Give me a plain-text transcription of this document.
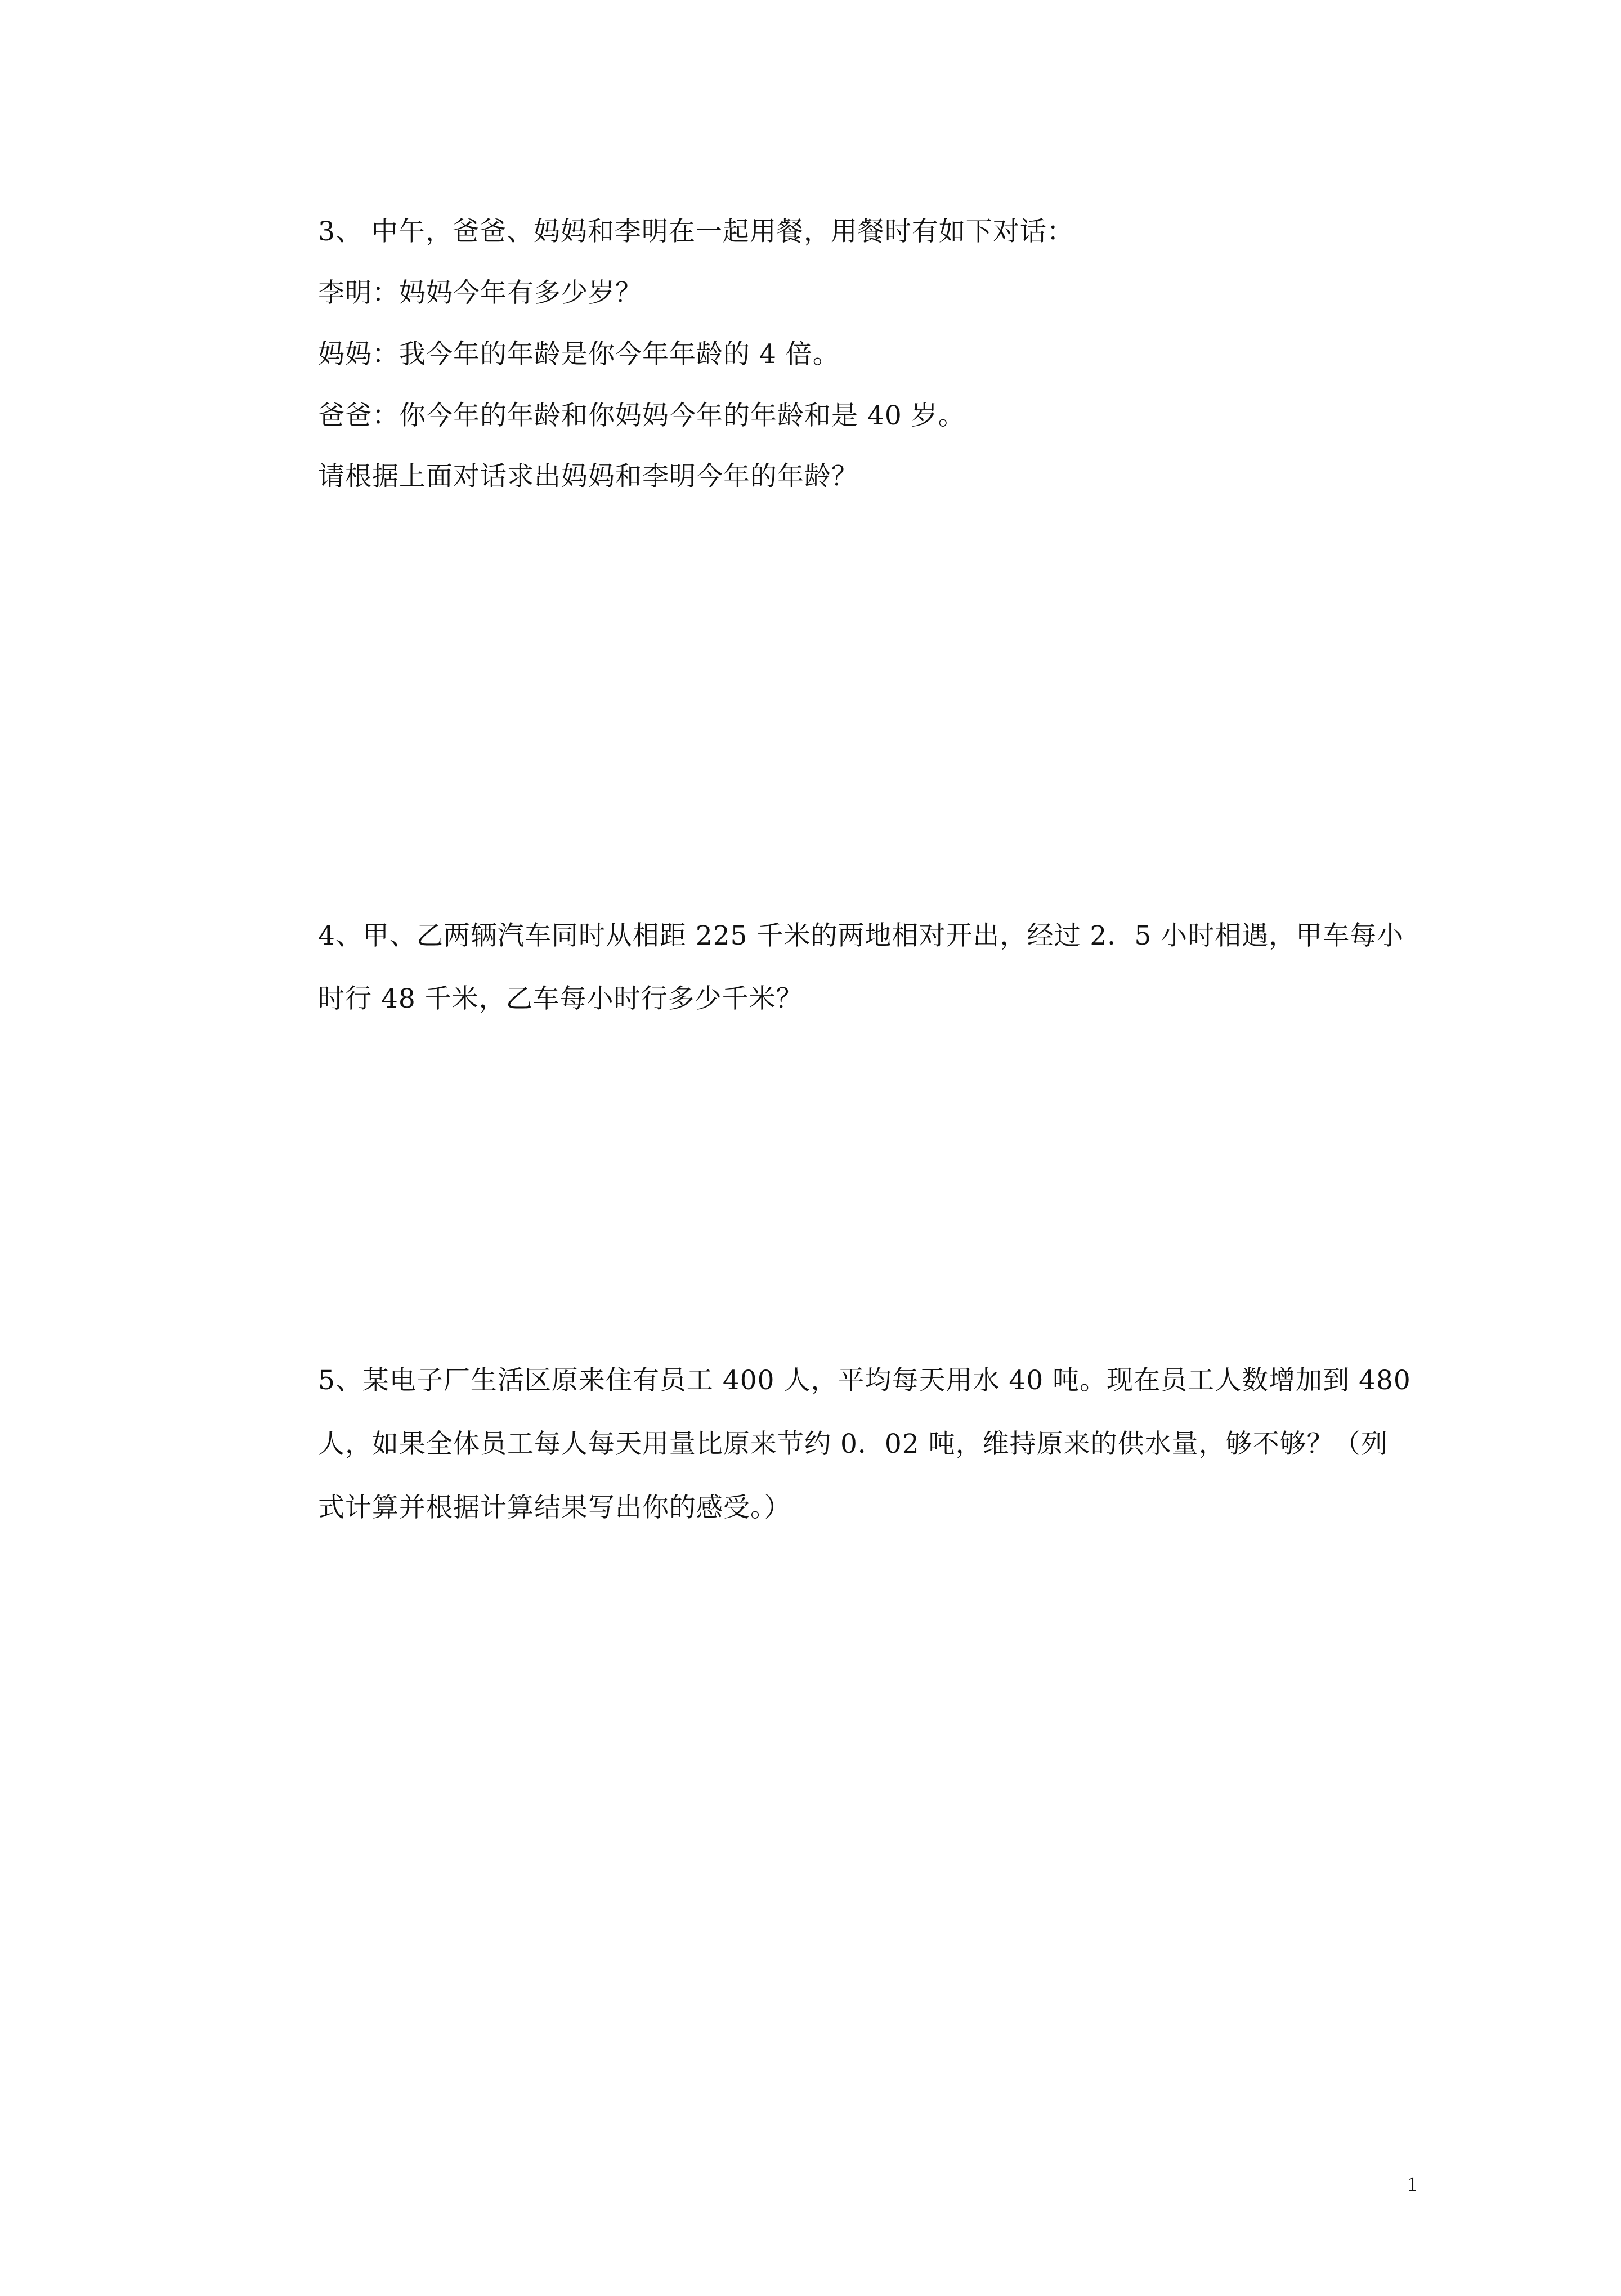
3、 中午，爸爸、妈妈和李明在一起用餐，用餐时有如下对话：
李明：妈妈今年有多少岁？
妈妈：我今年的年龄是你今年年龄的 4 倍。
爸爸：你今年的年龄和你妈妈今年的年龄和是 40 岁。
请根据上面对话求出妈妈和李明今年的年龄？
4、甲、乙两辆汽车同时从相距 225 千米的两地相对开出，经过 2．5 小时相遇，甲车每小
时行 48 千米，乙车每小时行多少千米？
5、某电子厂生活区原来住有员工 400 人，平均每天用水 40 吨。现在员工人数增加到 480
人，如果全体员工每人每天用量比原来节约 0．02 吨，维持原来的供水量，够不够？（列
式计算并根据计算结果写出你的感受。）
1
